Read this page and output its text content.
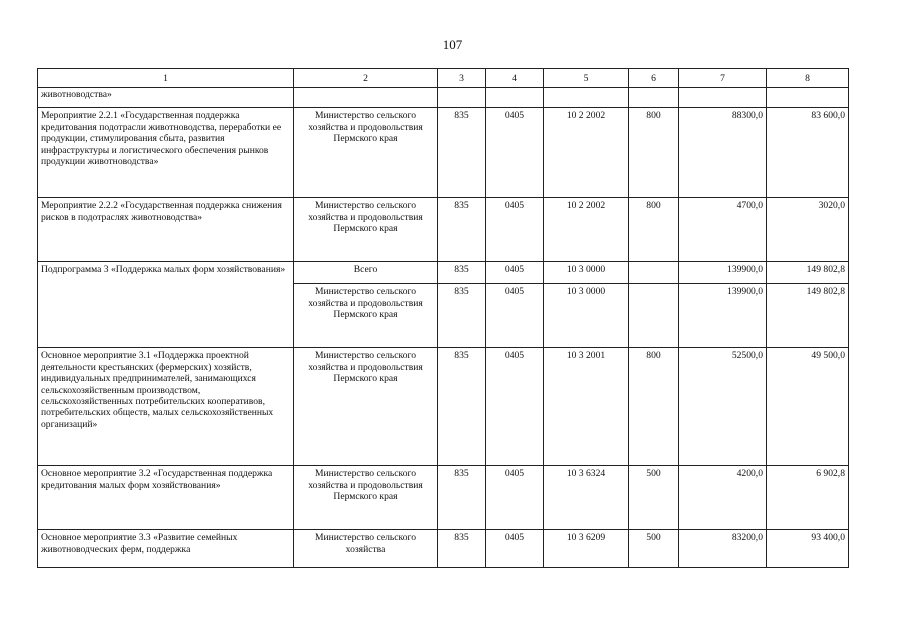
107
1	2	3	4	5	6	7	8
животноводства»							
Мероприятие 2.2.1 «Государственная поддержка кредитования подотрасли животноводства, переработки ее продукции, стимулирования сбыта, развития инфраструктуры и логистического обеспечения рынков продукции животноводства»	Министерство сельского хозяйства и продовольствия Пермского края	835	0405	10 2 2002	800	88300,0	83 600,0
Мероприятие 2.2.2 «Государственная поддержка снижения рисков в подотраслях животноводства»	Министерство сельского хозяйства и продовольствия Пермского края	835	0405	10 2 2002	800	4700,0	3020,0
Подпрограмма 3 «Поддержка малых форм хозяйствования»	Всего	835	0405	10 3 0000		139900,0	149 802,8
	Министерство сельского хозяйства и продовольствия Пермского края	835	0405	10 3 0000		139900,0	149 802,8
Основное мероприятие 3.1 «Поддержка проектной деятельности крестьянских (фермерских) хозяйств, индивидуальных предпринимателей, занимающихся сельскохозяйственным производством, сельскохозяйственных потребительских кооперативов, потребительских обществ, малых сельскохозяйственных организаций»	Министерство сельского хозяйства и продовольствия Пермского края	835	0405	10 3 2001	800	52500,0	49 500,0
Основное мероприятие 3.2 «Государственная поддержка кредитования малых форм хозяйствования»	Министерство сельского хозяйства и продовольствия Пермского края	835	0405	10 3 6324	500	4200,0	6 902,8
Основное мероприятие 3.3 «Развитие семейных животноводческих ферм, поддержка	Министерство сельского хозяйства	835	0405	10 3 6209	500	83200,0	93 400,0
